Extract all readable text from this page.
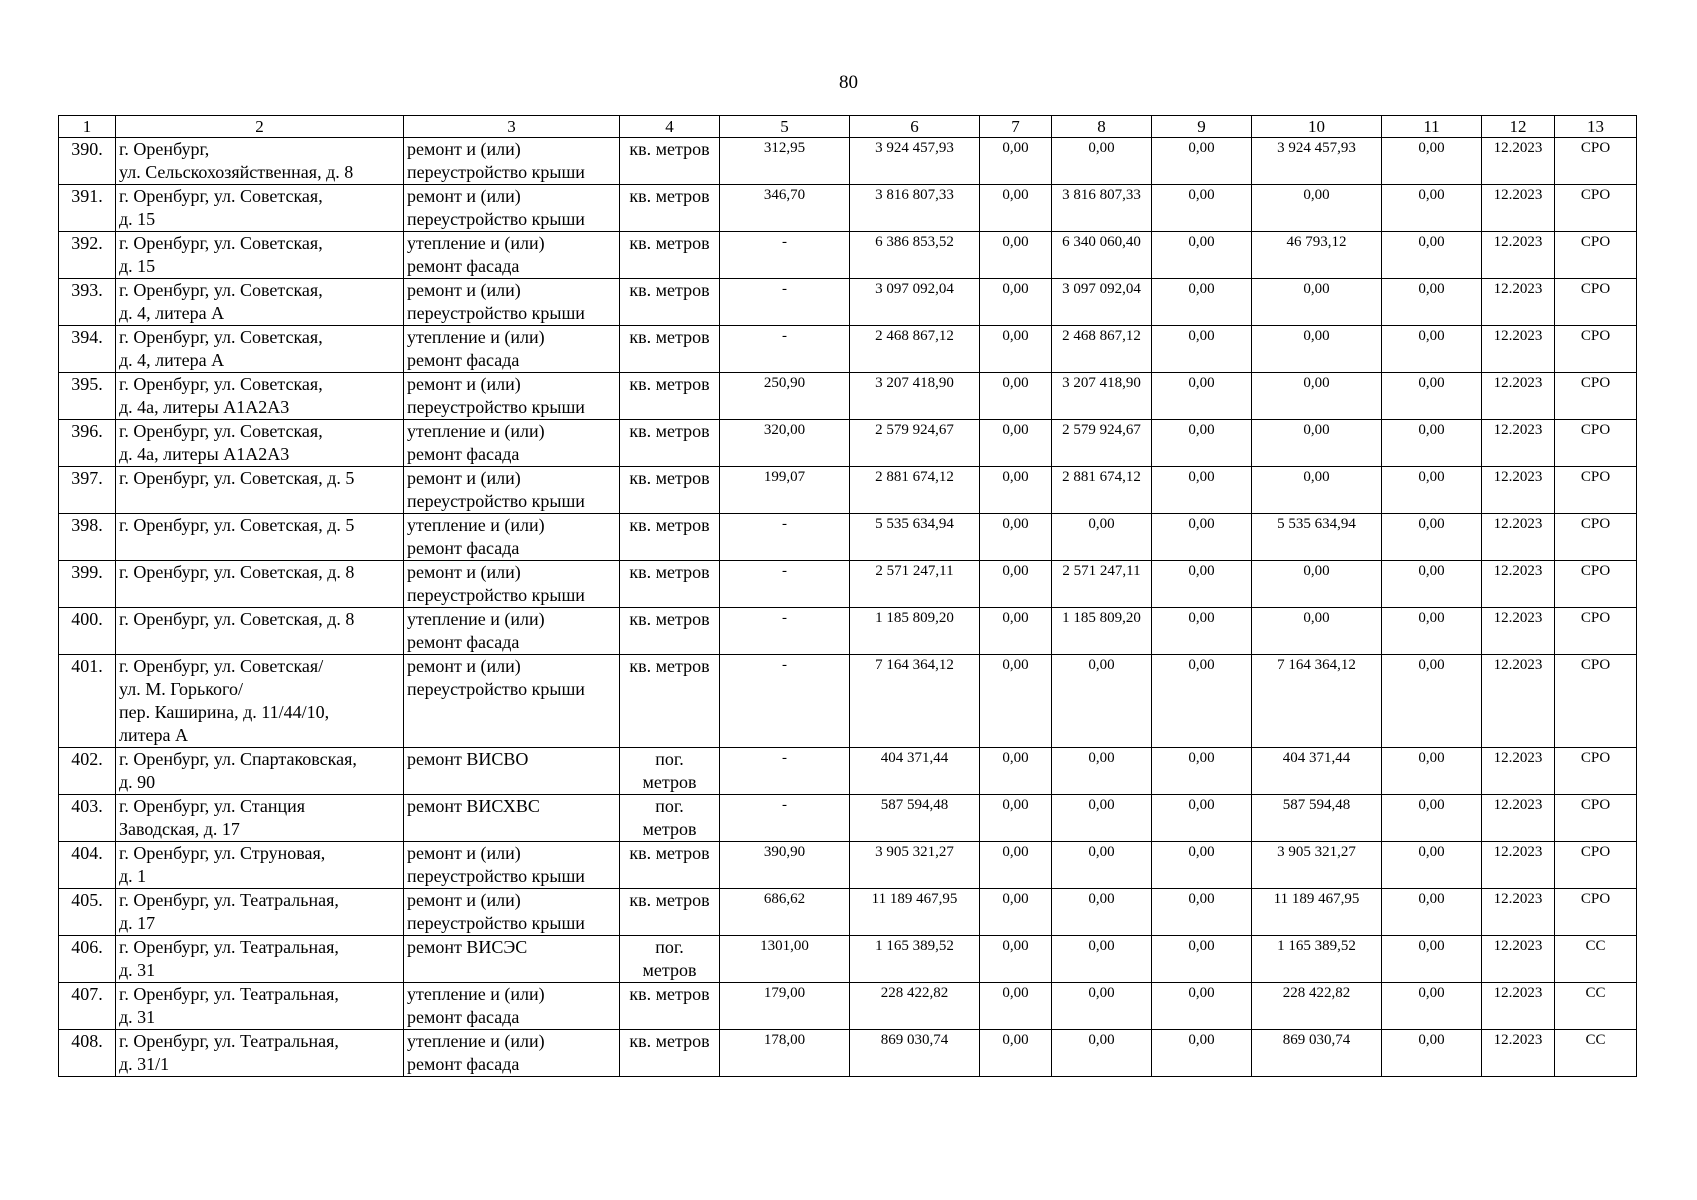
80
1	2	3	4	5	6	7	8	9	10	11	12	13
390.	г. Оренбург,
ул. Сельскохозяйственная, д. 8	ремонт и (или)
переустройство крыши	кв. метров	312,95	3 924 457,93	0,00	0,00	0,00	3 924 457,93	0,00	12.2023	СРО
391.	г. Оренбург, ул. Советская,
д. 15	ремонт и (или)
переустройство крыши	кв. метров	346,70	3 816 807,33	0,00	3 816 807,33	0,00	0,00	0,00	12.2023	СРО
392.	г. Оренбург, ул. Советская,
д. 15	утепление и (или)
ремонт фасада	кв. метров	-	6 386 853,52	0,00	6 340 060,40	0,00	46 793,12	0,00	12.2023	СРО
393.	г. Оренбург, ул. Советская,
д. 4, литера А	ремонт и (или)
переустройство крыши	кв. метров	-	3 097 092,04	0,00	3 097 092,04	0,00	0,00	0,00	12.2023	СРО
394.	г. Оренбург, ул. Советская,
д. 4, литера А	утепление и (или)
ремонт фасада	кв. метров	-	2 468 867,12	0,00	2 468 867,12	0,00	0,00	0,00	12.2023	СРО
395.	г. Оренбург, ул. Советская,
д. 4а, литеры А1А2А3	ремонт и (или)
переустройство крыши	кв. метров	250,90	3 207 418,90	0,00	3 207 418,90	0,00	0,00	0,00	12.2023	СРО
396.	г. Оренбург, ул. Советская,
д. 4а, литеры А1А2А3	утепление и (или)
ремонт фасада	кв. метров	320,00	2 579 924,67	0,00	2 579 924,67	0,00	0,00	0,00	12.2023	СРО
397.	г. Оренбург, ул. Советская, д. 5	ремонт и (или)
переустройство крыши	кв. метров	199,07	2 881 674,12	0,00	2 881 674,12	0,00	0,00	0,00	12.2023	СРО
398.	г. Оренбург, ул. Советская, д. 5	утепление и (или)
ремонт фасада	кв. метров	-	5 535 634,94	0,00	0,00	0,00	5 535 634,94	0,00	12.2023	СРО
399.	г. Оренбург, ул. Советская, д. 8	ремонт и (или)
переустройство крыши	кв. метров	-	2 571 247,11	0,00	2 571 247,11	0,00	0,00	0,00	12.2023	СРО
400.	г. Оренбург, ул. Советская, д. 8	утепление и (или)
ремонт фасада	кв. метров	-	1 185 809,20	0,00	1 185 809,20	0,00	0,00	0,00	12.2023	СРО
401.	г. Оренбург, ул. Советская/
ул. М. Горького/
пер. Каширина, д. 11/44/10,
литера А	ремонт и (или)
переустройство крыши	кв. метров	-	7 164 364,12	0,00	0,00	0,00	7 164 364,12	0,00	12.2023	СРО
402.	г. Оренбург, ул. Спартаковская,
д. 90	ремонт ВИСВО	пог.
метров	-	404 371,44	0,00	0,00	0,00	404 371,44	0,00	12.2023	СРО
403.	г. Оренбург, ул. Станция
Заводская, д. 17	ремонт ВИСХВС	пог.
метров	-	587 594,48	0,00	0,00	0,00	587 594,48	0,00	12.2023	СРО
404.	г. Оренбург, ул. Струновая,
д. 1	ремонт и (или)
переустройство крыши	кв. метров	390,90	3 905 321,27	0,00	0,00	0,00	3 905 321,27	0,00	12.2023	СРО
405.	г. Оренбург, ул. Театральная,
д. 17	ремонт и (или)
переустройство крыши	кв. метров	686,62	11 189 467,95	0,00	0,00	0,00	11 189 467,95	0,00	12.2023	СРО
406.	г. Оренбург, ул. Театральная,
д. 31	ремонт ВИСЭС	пог.
метров	1301,00	1 165 389,52	0,00	0,00	0,00	1 165 389,52	0,00	12.2023	СС
407.	г. Оренбург, ул. Театральная,
д. 31	утепление и (или)
ремонт фасада	кв. метров	179,00	228 422,82	0,00	0,00	0,00	228 422,82	0,00	12.2023	СС
408.	г. Оренбург, ул. Театральная,
д. 31/1	утепление и (или)
ремонт фасада	кв. метров	178,00	869 030,74	0,00	0,00	0,00	869 030,74	0,00	12.2023	СС
